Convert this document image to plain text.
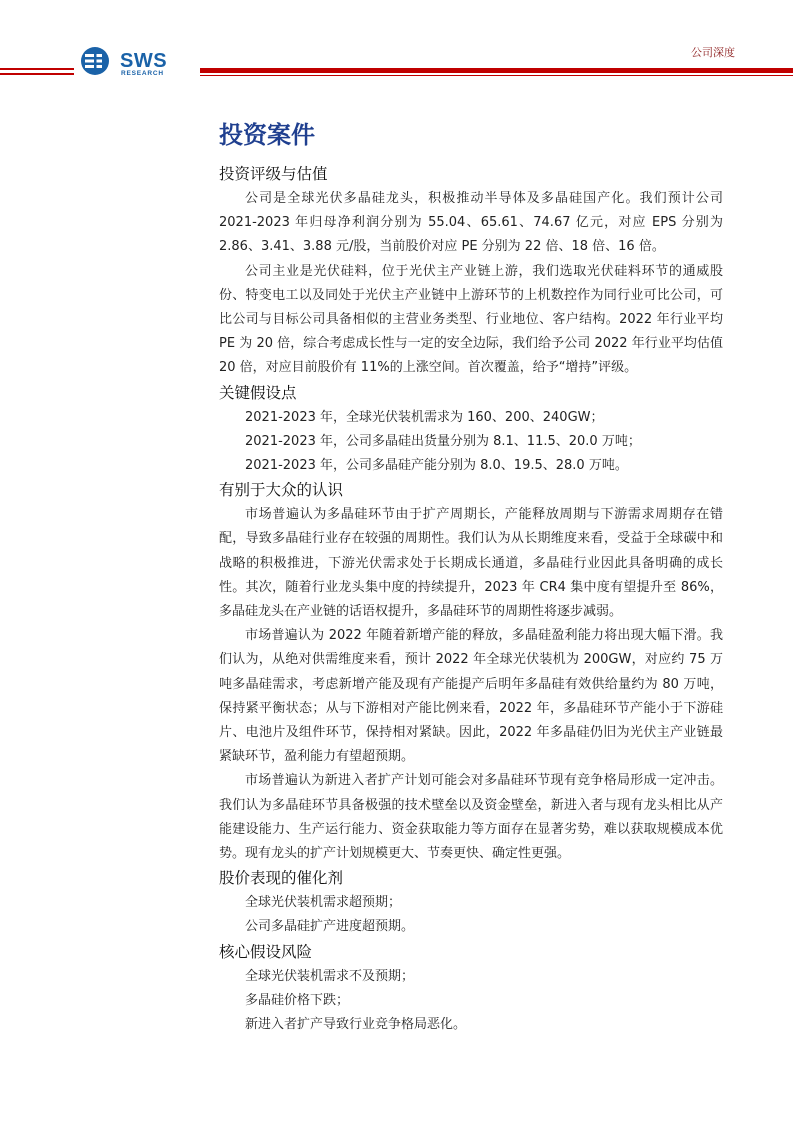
SWS
RESEARCH
公司深度
投资案件
投资评级与估值

公司是全球光伏多晶硅龙头，积极推动半导体及多晶硅国产化。我们预计公司 2021-2023 年归母净利润分别为 55.04、65.61、74.67 亿元，对应 EPS 分别为 2.86、3.41、3.88 元/股，当前股价对应 PE 分别为 22 倍、18 倍、16 倍。

公司主业是光伏硅料，位于光伏主产业链上游，我们选取光伏硅料环节的通威股份、特变电工以及同处于光伏主产业链中上游环节的上机数控作为同行业可比公司，可比公司与目标公司具备相似的主营业务类型、行业地位、客户结构。2022 年行业平均 PE 为 20 倍，综合考虑成长性与一定的安全边际，我们给予公司 2022 年行业平均估值 20 倍，对应目前股价有 11%的上涨空间。首次覆盖，给予“增持”评级。

关键假设点
2021-2023 年，全球光伏装机需求为 160、200、240GW；
2021-2023 年，公司多晶硅出货量分别为 8.1、11.5、20.0 万吨；
2021-2023 年，公司多晶硅产能分别为 8.0、19.5、28.0 万吨。
有别于大众的认识

市场普遍认为多晶硅环节由于扩产周期长，产能释放周期与下游需求周期存在错配，导致多晶硅行业存在较强的周期性。我们认为从长期维度来看，受益于全球碳中和战略的积极推进，下游光伏需求处于长期成长通道，多晶硅行业因此具备明确的成长性。其次，随着行业龙头集中度的持续提升，2023 年 CR4 集中度有望提升至 86%，多晶硅龙头在产业链的话语权提升，多晶硅环节的周期性将逐步减弱。

市场普遍认为 2022 年随着新增产能的释放，多晶硅盈利能力将出现大幅下滑。我们认为，从绝对供需维度来看，预计 2022 年全球光伏装机为 200GW，对应约 75 万吨多晶硅需求，考虑新增产能及现有产能提产后明年多晶硅有效供给量约为 80 万吨，保持紧平衡状态；从与下游相对产能比例来看，2022 年，多晶硅环节产能小于下游硅片、电池片及组件环节，保持相对紧缺。因此，2022 年多晶硅仍旧为光伏主产业链最紧缺环节，盈利能力有望超预期。

市场普遍认为新进入者扩产计划可能会对多晶硅环节现有竞争格局形成一定冲击。我们认为多晶硅环节具备极强的技术壁垒以及资金壁垒，新进入者与现有龙头相比从产能建设能力、生产运行能力、资金获取能力等方面存在显著劣势，难以获取规模成本优势。现有龙头的扩产计划规模更大、节奏更快、确定性更强。

股价表现的催化剂
全球光伏装机需求超预期；
公司多晶硅扩产进度超预期。
核心假设风险
全球光伏装机需求不及预期；
多晶硅价格下跌；
新进入者扩产导致行业竞争格局恶化。
